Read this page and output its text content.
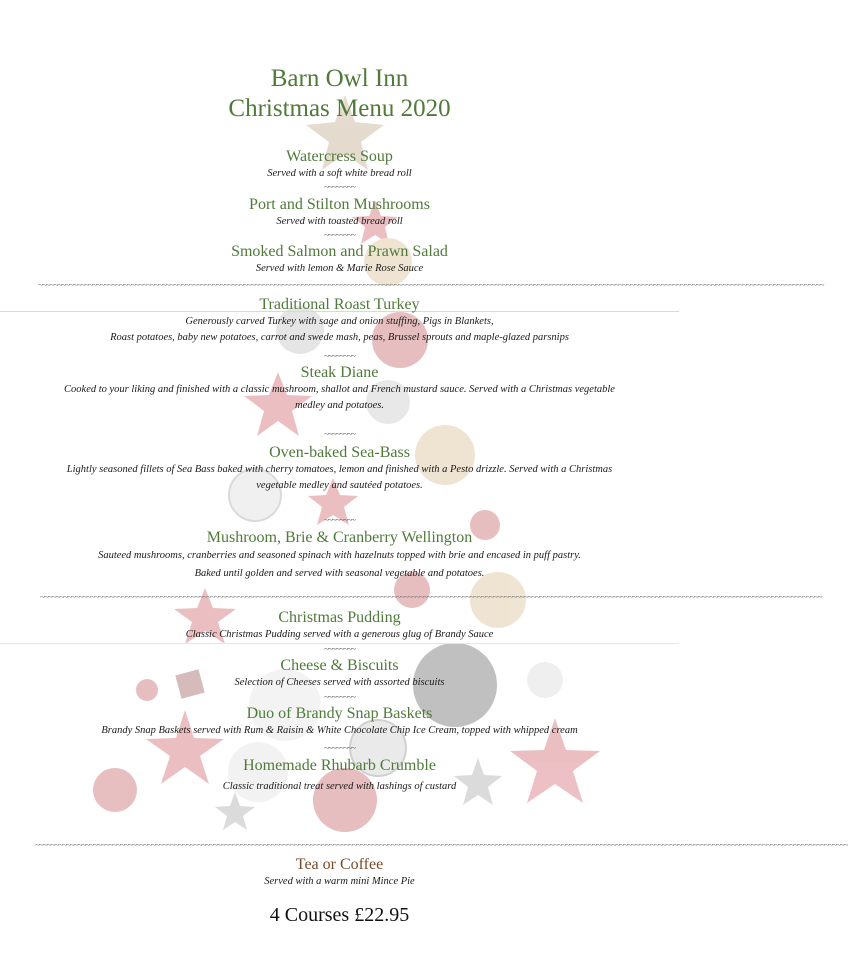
Barn Owl Inn
Christmas Menu 2020
Watercress Soup
Served with a soft white bread roll
~~~~~~~~
Port and Stilton Mushrooms
Served with toasted bread roll
~~~~~~~~
Smoked Salmon and Prawn Salad
Served with lemon & Marie Rose Sauce
~~~~~~~~~~~~~~~~~~~~~~~~~~~~~~~~~~~~~~~~~~~~~~~~~~~~~~~~~~~~~~~~~~~~~~~~~~~~~~~~~~~~~~~~~~~~~~~~~~~~~~~~~~~~~~~~~~~~~~~~~~~~~~~~~~~~~~~~~~~~~~~~~~~~~~~~~~~~~~~~~~~~~~~~~~~~~~~~~~~~~~~~~~~~~~~~~~~~~~~~~~~
Traditional Roast Turkey
Generously carved Turkey with sage and onion stuffing, Pigs in Blankets,
Roast potatoes, baby new potatoes, carrot and swede mash, peas, Brussel sprouts and maple-glazed parsnips
~~~~~~~~
Steak Diane
Cooked to your liking and finished with a classic mushroom, shallot and French mustard sauce. Served with a Christmas vegetable
medley and potatoes.
~~~~~~~~
Oven-baked Sea-Bass
Lightly seasoned fillets of Sea Bass baked with cherry tomatoes, lemon and finished with a Pesto drizzle. Served with a Christmas
vegetable medley and sautéed potatoes.
~~~~~~~~
Mushroom, Brie & Cranberry Wellington
Sauteed mushrooms, cranberries and seasoned spinach with hazelnuts topped with brie and encased in puff pastry.
Baked until golden and served with seasonal vegetable and potatoes.
~~~~~~~~~~~~~~~~~~~~~~~~~~~~~~~~~~~~~~~~~~~~~~~~~~~~~~~~~~~~~~~~~~~~~~~~~~~~~~~~~~~~~~~~~~~~~~~~~~~~~~~~~~~~~~~~~~~~~~~~~~~~~~~~~~~~~~~~~~~~~~~~~~~~~~~~~~~~~~~~~~~~~~~~~~~~~~~~~~~~~~~~~~~~~~~~~~~~~~~~~~
Christmas Pudding
Classic Christmas Pudding served with a generous glug of Brandy Sauce
~~~~~~~~
Cheese & Biscuits
Selection of Cheeses served with assorted biscuits
~~~~~~~~
Duo of Brandy Snap Baskets
Brandy Snap Baskets served with Rum & Raisin & White Chocolate Chip Ice Cream, topped with whipped cream
~~~~~~~~
Homemade Rhubarb Crumble
Classic traditional treat served with lashings of custard
~~~~~~~~~~~~~~~~~~~~~~~~~~~~~~~~~~~~~~~~~~~~~~~~~~~~~~~~~~~~~~~~~~~~~~~~~~~~~~~~~~~~~~~~~~~~~~~~~~~~~~~~~~~~~~~~~~~~~~~~~~~~~~~~~~~~~~~~~~~~~~~~~~~~~~~~~~~~~~~~~~~~~~~~~~~~~~~~~~~~~~~~~~~~~~~~~~~~~~~~~~~~~~~~~~
Tea or Coffee
Served with a warm mini Mince Pie
4 Courses £22.95
